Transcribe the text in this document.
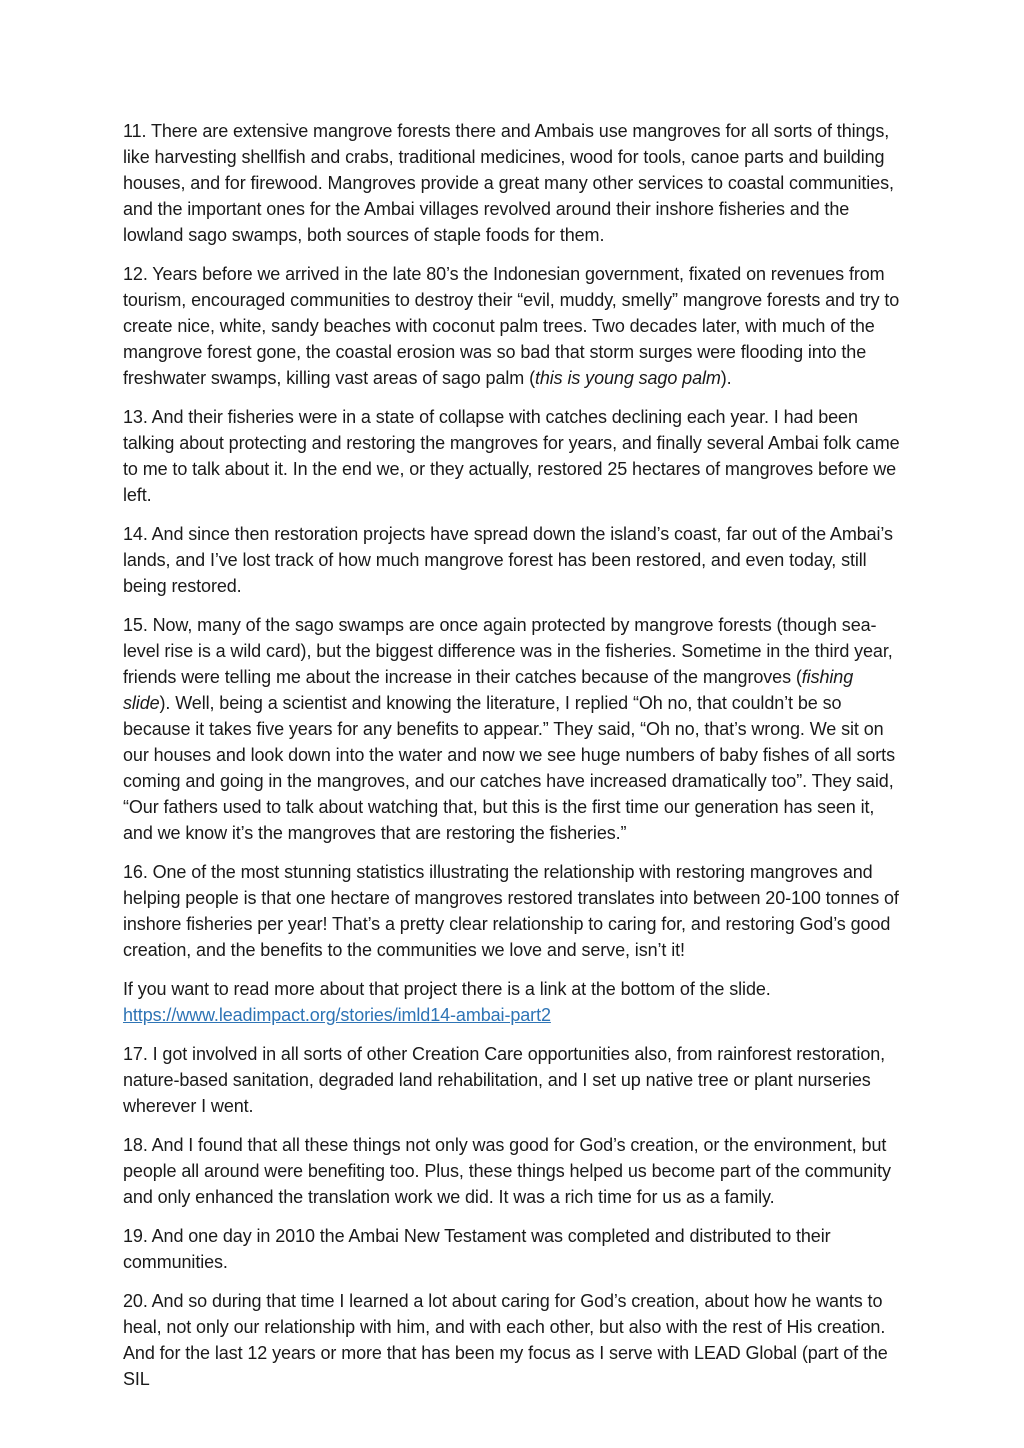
11. There are extensive mangrove forests there and Ambais use mangroves for all sorts of things, like harvesting shellfish and crabs, traditional medicines, wood for tools, canoe parts and building houses, and for firewood. Mangroves provide a great many other services to coastal communities, and the important ones for the Ambai villages revolved around their inshore fisheries and the lowland sago swamps, both sources of staple foods for them.

12. Years before we arrived in the late 80’s the Indonesian government, fixated on revenues from tourism, encouraged communities to destroy their “evil, muddy, smelly” mangrove forests and try to create nice, white, sandy beaches with coconut palm trees. Two decades later, with much of the mangrove forest gone, the coastal erosion was so bad that storm surges were flooding into the freshwater swamps, killing vast areas of sago palm (this is young sago palm).

13. And their fisheries were in a state of collapse with catches declining each year. I had been talking about protecting and restoring the mangroves for years, and finally several Ambai folk came to me to talk about it. In the end we, or they actually, restored 25 hectares of mangroves before we left.

14. And since then restoration projects have spread down the island’s coast, far out of the Ambai’s lands, and I’ve lost track of how much mangrove forest has been restored, and even today, still being restored.

15. Now, many of the sago swamps are once again protected by mangrove forests (though sea-level rise is a wild card), but the biggest difference was in the fisheries. Sometime in the third year, friends were telling me about the increase in their catches because of the mangroves (fishing slide). Well, being a scientist and knowing the literature, I replied “Oh no, that couldn’t be so because it takes five years for any benefits to appear.” They said, “Oh no, that’s wrong. We sit on our houses and look down into the water and now we see huge numbers of baby fishes of all sorts coming and going in the mangroves, and our catches have increased dramatically too”. They said, “Our fathers used to talk about watching that, but this is the first time our generation has seen it, and we know it’s the mangroves that are restoring the fisheries.”

16. One of the most stunning statistics illustrating the relationship with restoring mangroves and helping people is that one hectare of mangroves restored translates into between 20-100 tonnes of inshore fisheries per year! That’s a pretty clear relationship to caring for, and restoring God’s good creation, and the benefits to the communities we love and serve, isn’t it!

If you want to read more about that project there is a link at the bottom of the slide.
https://www.leadimpact.org/stories/imld14-ambai-part2

17. I got involved in all sorts of other Creation Care opportunities also, from rainforest restoration, nature-based sanitation, degraded land rehabilitation, and I set up native tree or plant nurseries wherever I went.

18. And I found that all these things not only was good for God’s creation, or the environment, but people all around were benefiting too. Plus, these things helped us become part of the community and only enhanced the translation work we did. It was a rich time for us as a family.

19. And one day in 2010 the Ambai New Testament was completed and distributed to their communities.

20. And so during that time I learned a lot about caring for God’s creation, about how he wants to heal, not only our relationship with him, and with each other, but also with the rest of His creation. And for the last 12 years or more that has been my focus as I serve with LEAD Global (part of the SIL
